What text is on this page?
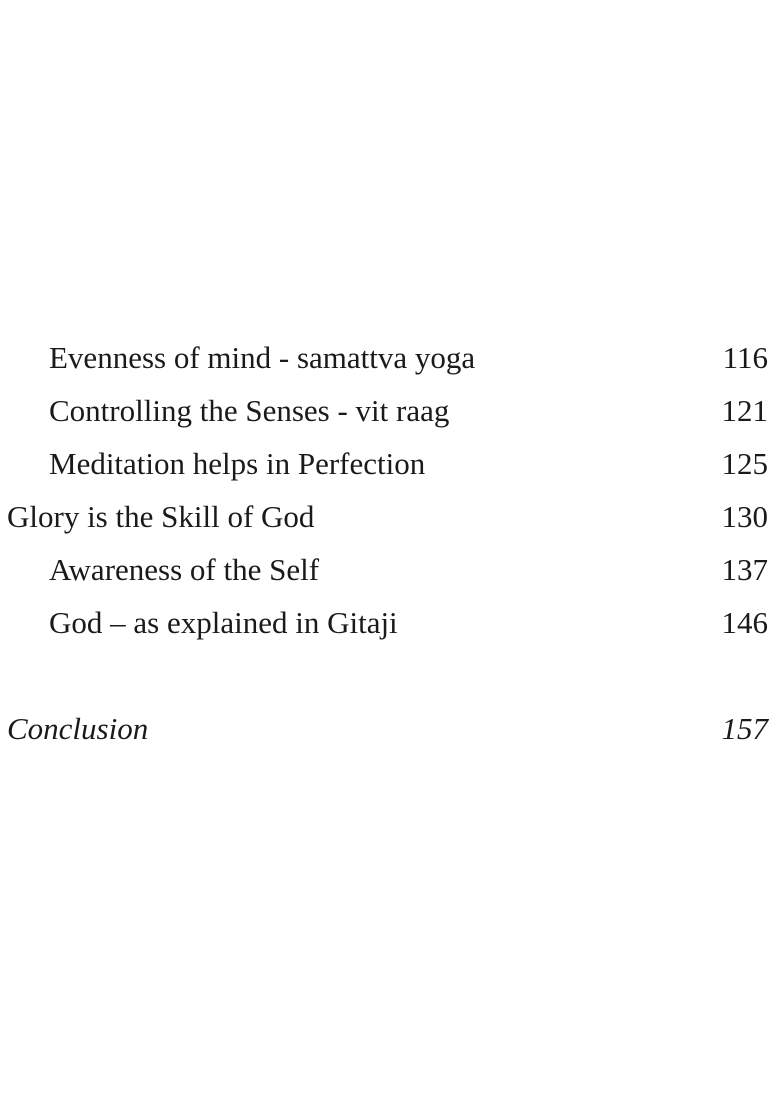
Evenness of mind - samattva yoga	116
Controlling the Senses - vit raag	121
Meditation helps in Perfection	125
Glory is the Skill of God	130
Awareness of the Self	137
God – as explained in Gitaji	146
Conclusion	157
